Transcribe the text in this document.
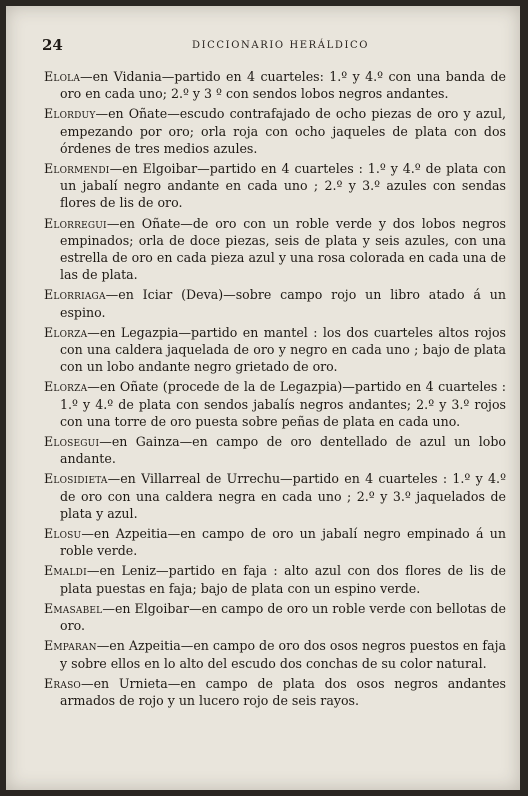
24	DICCIONARIO HERÁLDICO

Elola—en Vidania—partido en 4 cuarteles: 1.º y 4.º con una banda de oro en cada uno; 2.º y 3 º con sendos lobos negros andantes.

Elorduy—en Oñate—escudo contrafajado de ocho piezas de oro y azul, empezando por oro; orla roja con ocho jaqueles de plata con dos órdenes de tres medios azules.

Elormendi—en Elgoibar—partido en 4 cuarteles : 1.º y 4.º de plata con un jabalí negro andante en cada uno ; 2.º y 3.º azules con sendas flores de lis de oro.

Elorregui—en Oñate—de oro con un roble verde y dos lobos negros empinados; orla de doce piezas, seis de plata y seis azules, con una estrella de oro en cada pieza azul y una rosa colorada en cada una de las de plata.

Elorriaga—en Iciar (Deva)—sobre campo rojo un libro atado á un espino.

Elorza—en Legazpia—partido en mantel : los dos cuarteles altos rojos con una caldera jaquelada de oro y negro en cada uno ; bajo de plata con un lobo andante negro grietado de oro.

Elorza—en Oñate (procede de la de Legazpia)—partido en 4 cuarteles : 1.º y 4.º de plata con sendos jabalís negros andantes; 2.º y 3.º rojos con una torre de oro puesta sobre peñas de plata en cada uno.

Elosegui—en Gainza—en campo de oro dentellado de azul un lobo andante.

Elosidieta—en Villarreal de Urrechu—partido en 4 cuarteles : 1.º y 4.º de oro con una caldera negra en cada uno ; 2.º y 3.º jaquelados de plata y azul.

Elosu—en Azpeitia—en campo de oro un jabalí negro empinado á un roble verde.

Emaldi—en Leniz—partido en faja : alto azul con dos flores de lis de plata puestas en faja; bajo de plata con un espino verde.

Emasabel—en Elgoibar—en campo de oro un roble verde con bellotas de oro.

Emparan—en Azpeitia—en campo de oro dos osos negros puestos en faja y sobre ellos en lo alto del escudo dos conchas de su color natural.

Eraso—en Urnieta—en campo de plata dos osos negros andantes armados de rojo y un lucero rojo de seis rayos.
